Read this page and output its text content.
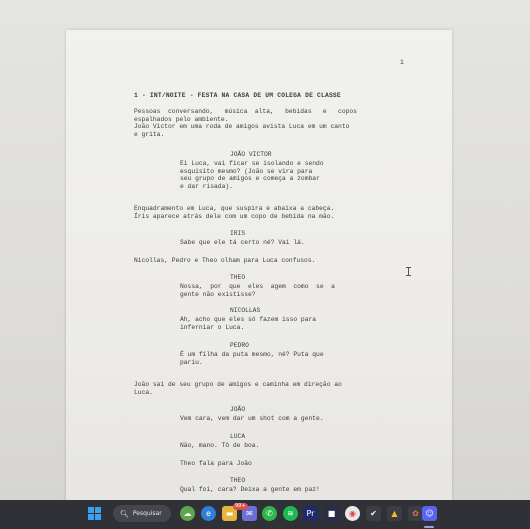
1
1 - INT/NOITE - FESTA NA CASA DE UM COLEGA DE CLASSE
Pessoas  conversando,   música  alta,   bebidas   e   copos
espalhados pelo ambiente.
João Victor em uma roda de amigos avista Luca em um canto
e grita.
JOÃO VICTOR
Ei Luca, vai ficar se isolando e sendo
esquisito mesmo? (João se vira para
seu grupo de amigos e começa a zombar
e dar risada).
Enquadramento em Luca, que suspira e abaixa a cabeça.
Íris aparece atrás dele com um copo de bebida na mão.
IRIS
Sabe que ele tá certo né? Vai lá.
Nicollas, Pedro e Theo olham para Luca confusos.
THEO
Nossa,  por  que  eles  agem  como  se  a
gente não existisse?
NICOLLAS
Ah, acho que eles só fazem isso para
inferniar o Luca.
PEDRO
É um filha da puta mesmo, né? Puta que
pariu.
João sai de seu grupo de amigos e caminha em direção ao
Luca.
JOÃO
Vem cara, vem dar um shot com a gente.
LUCA
Não, mano. Tô de boa.
Theo fala para João
THEO
Qual foi, cara? Deixa a gente em paz!
🔍︎ Pesquisar	☁	e	▬	✉
99+
✆	≋	Pr	■	◉	✔	▲	✿ ☺
